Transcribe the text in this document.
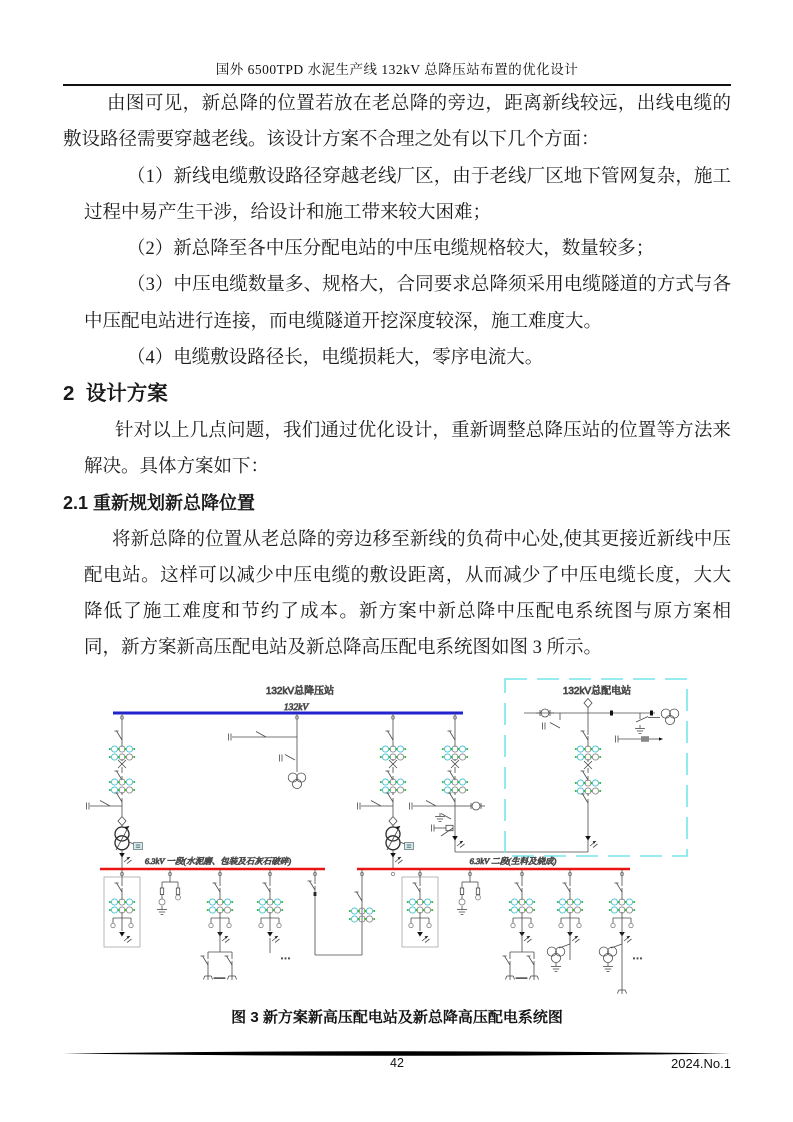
国外 6500TPD 水泥生产线 132kV 总降压站布置的优化设计

由图可见，新总降的位置若放在老总降的旁边，距离新线较远，出线电缆的敷设路径需要穿越老线。该设计方案不合理之处有以下几个方面：

（1）新线电缆敷设路径穿越老线厂区，由于老线厂区地下管网复杂，施工过程中易产生干涉，给设计和施工带来较大困难；

（2）新总降至各中压分配电站的中压电缆规格较大，数量较多；

（3）中压电缆数量多、规格大，合同要求总降须采用电缆隧道的方式与各中压配电站进行连接，而电缆隧道开挖深度较深，施工难度大。

（4）电缆敷设路径长，电缆损耗大，零序电流大。

2  设计方案

针对以上几点问题，我们通过优化设计，重新调整总降压站的位置等方法来解决。具体方案如下：

2.1 重新规划新总降位置

将新总降的位置从老总降的旁边移至新线的负荷中心处,使其更接近新线中压配电站。这样可以减少中压电缆的敷设距离，从而减少了中压电缆长度，大大降低了施工难度和节约了成本。新方案中新总降中压配电系统图与原方案相同，新方案新高压配电站及新总降高压配电系统图如图 3 所示。

132kV总降压站
132kV
132kV总配电站
6.3kV 一段(水泥磨、包装及石灰石破碎)	6.3kV 二段(生料及烧成)
—
…
—
…
图 3 新方案新高压配电站及新总降高压配电系统图
42	2024.No.1
